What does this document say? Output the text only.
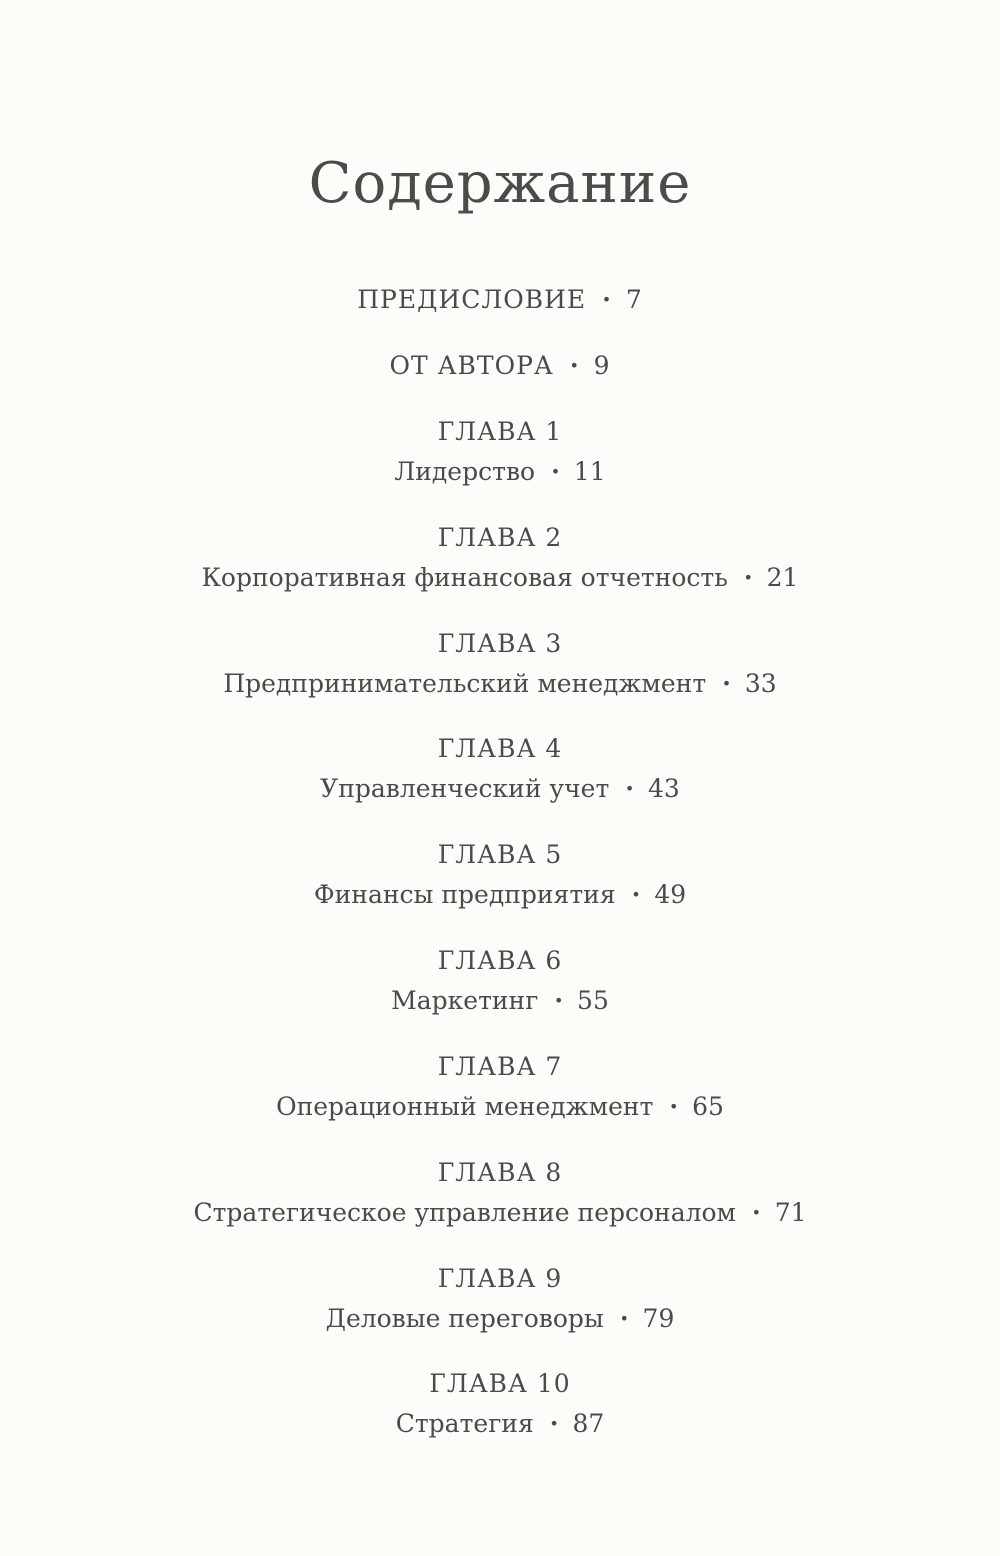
Содержание
ПРЕДИСЛОВИЕ · 7
ОТ АВТОРА · 9
ГЛАВА 1
Лидерство · 11
ГЛАВА 2
Корпоративная финансовая отчетность · 21
ГЛАВА 3
Предпринимательский менеджмент · 33
ГЛАВА 4
Управленческий учет · 43
ГЛАВА 5
Финансы предприятия · 49
ГЛАВА 6
Маркетинг · 55
ГЛАВА 7
Операционный менеджмент · 65
ГЛАВА 8
Стратегическое управление персоналом · 71
ГЛАВА 9
Деловые переговоры · 79
ГЛАВА 10
Стратегия · 87
